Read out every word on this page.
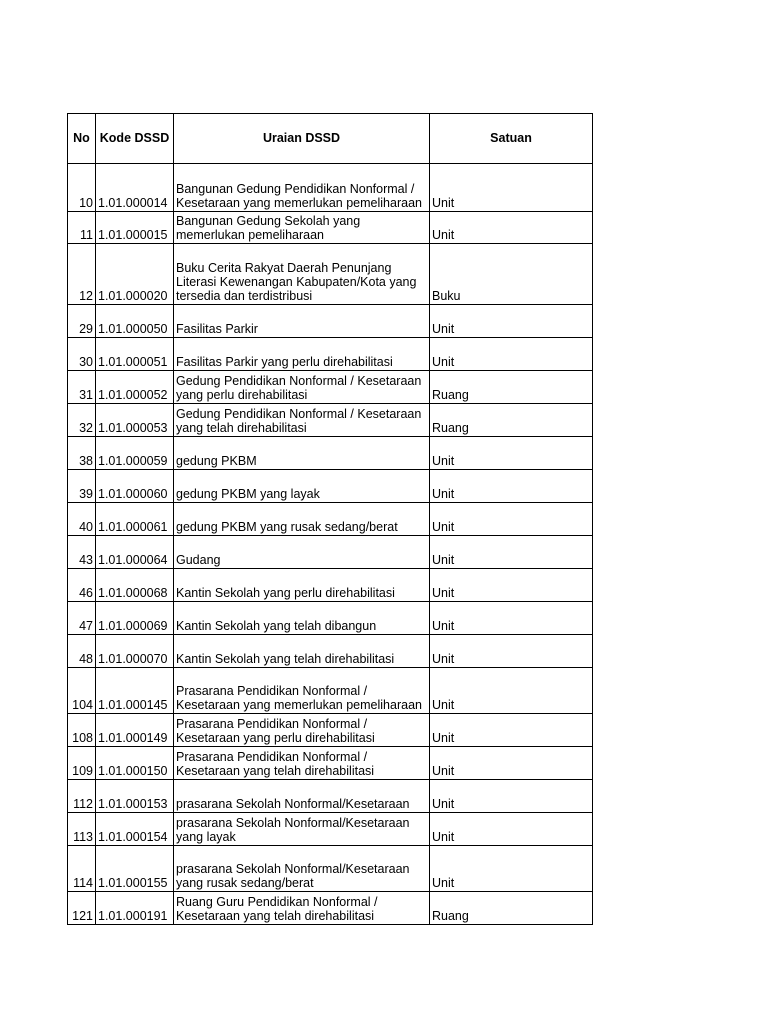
No	Kode DSSD	Uraian DSSD	Satuan
10	1.01.000014	Bangunan Gedung Pendidikan Nonformal / Kesetaraan yang memerlukan pemeliharaan	Unit
11	1.01.000015	Bangunan Gedung Sekolah yang memerlukan pemeliharaan	Unit
12	1.01.000020	Buku Cerita Rakyat Daerah Penunjang Literasi Kewenangan Kabupaten/Kota yang tersedia dan terdistribusi	Buku
29	1.01.000050	Fasilitas Parkir	Unit
30	1.01.000051	Fasilitas Parkir yang perlu direhabilitasi	Unit
31	1.01.000052	Gedung Pendidikan Nonformal / Kesetaraan yang perlu direhabilitasi	Ruang
32	1.01.000053	Gedung Pendidikan Nonformal / Kesetaraan yang telah direhabilitasi	Ruang
38	1.01.000059	gedung PKBM	Unit
39	1.01.000060	gedung PKBM yang layak	Unit
40	1.01.000061	gedung PKBM yang rusak sedang/berat	Unit
43	1.01.000064	Gudang	Unit
46	1.01.000068	Kantin Sekolah yang perlu direhabilitasi	Unit
47	1.01.000069	Kantin Sekolah yang telah dibangun	Unit
48	1.01.000070	Kantin Sekolah yang telah direhabilitasi	Unit
104	1.01.000145	Prasarana Pendidikan Nonformal / Kesetaraan yang memerlukan pemeliharaan	Unit
108	1.01.000149	Prasarana Pendidikan Nonformal / Kesetaraan yang perlu direhabilitasi	Unit
109	1.01.000150	Prasarana Pendidikan Nonformal / Kesetaraan yang telah direhabilitasi	Unit
112	1.01.000153	prasarana Sekolah Nonformal/Kesetaraan	Unit
113	1.01.000154	prasarana Sekolah Nonformal/Kesetaraan yang layak	Unit
114	1.01.000155	prasarana Sekolah Nonformal/Kesetaraan yang rusak sedang/berat	Unit
121	1.01.000191	Ruang Guru Pendidikan Nonformal / Kesetaraan yang telah direhabilitasi	Ruang
